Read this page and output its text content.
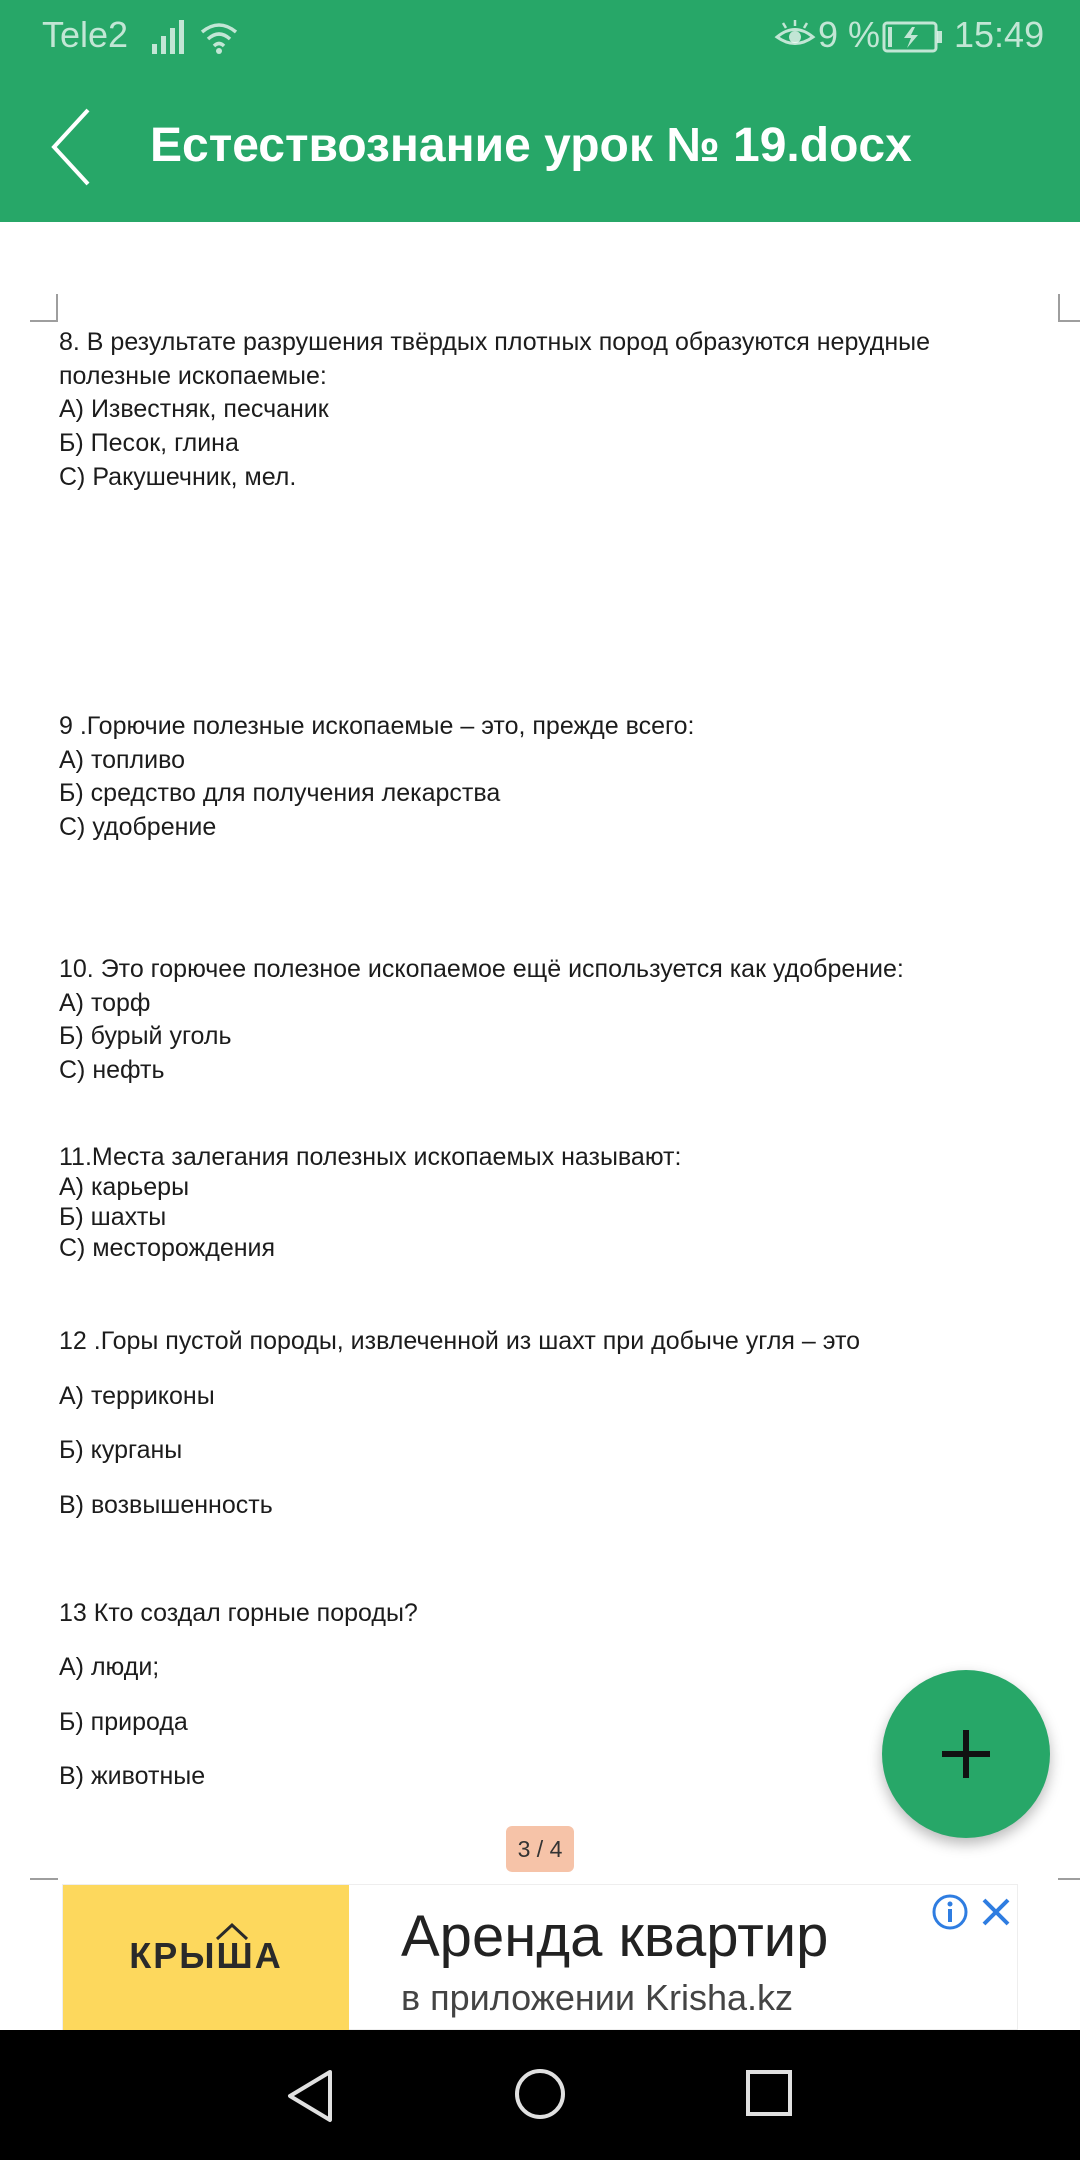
Tele2	9 % 15:49
Естествознание урок № 19.docx
8. В результате разрушения твёрдых плотных пород образуются нерудные
полезные ископаемые:
А) Известняк, песчаник
Б) Песок, глина
С) Ракушечник, мел.
9 .Горючие полезные ископаемые – это, прежде всего:
А) топливо
Б) средство для получения лекарства
С) удобрение
10. Это горючее полезное ископаемое ещё используется как удобрение:
А) торф
Б) бурый уголь
С) нефть
11.Места залегания полезных ископаемых называют:
А) карьеры
Б) шахты
С) месторождения
12 .Горы пустой породы, извлеченной из шахт при добыче угля – это
А) терриконы
Б) курганы
В) возвышенность
13 Кто создал горные породы?
А) люди;
Б) природа
В) животные
3 / 4
КРЫША	Аренда квартир
в приложении Krisha.kz
